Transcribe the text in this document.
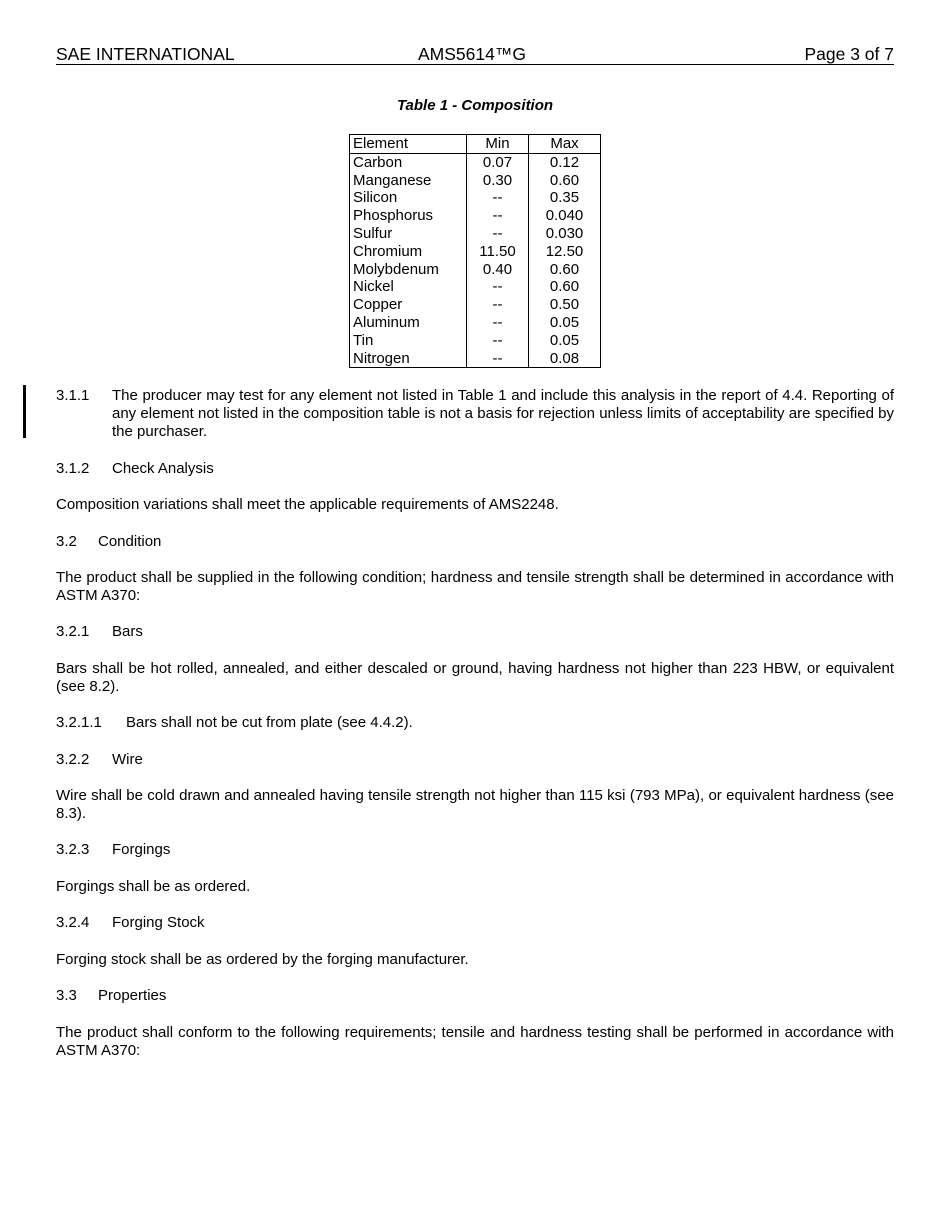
SAE INTERNATIONAL	AMS5614™G	Page 3 of 7
Table 1 - Composition
Element	Min	Max
Carbon	0.07	0.12
Manganese	0.30	0.60
Silicon	--	0.35
Phosphorus	--	0.040
Sulfur	--	0.030
Chromium	11.50	12.50
Molybdenum	0.40	0.60
Nickel	--	0.60
Copper	--	0.50
Aluminum	--	0.05
Tin	--	0.05
Nitrogen	--	0.08
3.1.1	The producer may test for any element not listed in Table 1 and include this analysis in the report of 4.4. Reporting of any element not listed in the composition table is not a basis for rejection unless limits of acceptability are specified by the purchaser.
3.1.2	Check Analysis
Composition variations shall meet the applicable requirements of AMS2248.
3.2	Condition
The product shall be supplied in the following condition; hardness and tensile strength shall be determined in accordance with ASTM A370:
3.2.1	Bars
Bars shall be hot rolled, annealed, and either descaled or ground, having hardness not higher than 223 HBW, or equivalent (see 8.2).
3.2.1.1	Bars shall not be cut from plate (see 4.4.2).
3.2.2	Wire
Wire shall be cold drawn and annealed having tensile strength not higher than 115 ksi (793 MPa), or equivalent hardness (see 8.3).
3.2.3	Forgings
Forgings shall be as ordered.
3.2.4	Forging Stock
Forging stock shall be as ordered by the forging manufacturer.
3.3	Properties
The product shall conform to the following requirements; tensile and hardness testing shall be performed in accordance with ASTM A370:
